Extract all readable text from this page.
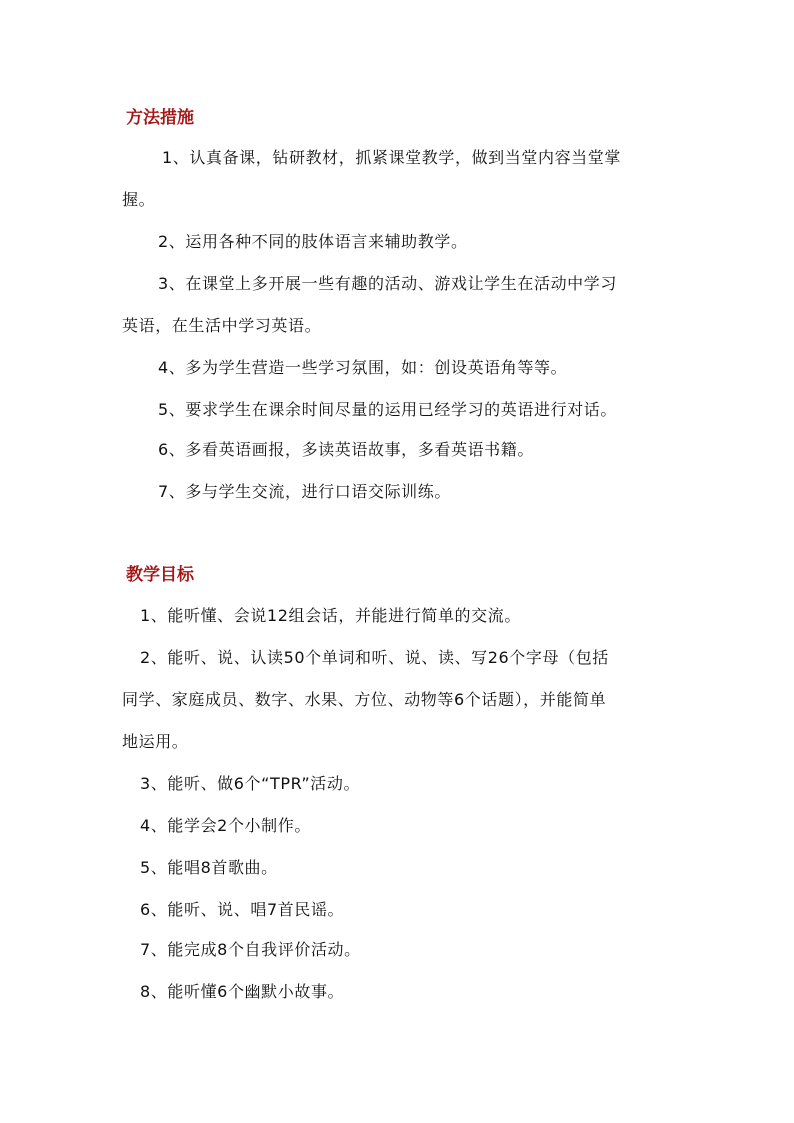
方法措施

1、认真备课，钻研教材，抓紧课堂教学，做到当堂内容当堂掌

握。

2、运用各种不同的肢体语言来辅助教学。

3、在课堂上多开展一些有趣的活动、游戏让学生在活动中学习

英语，在生活中学习英语。

4、多为学生营造一些学习氛围，如：创设英语角等等。

5、要求学生在课余时间尽量的运用已经学习的英语进行对话。

6、多看英语画报，多读英语故事，多看英语书籍。

7、多与学生交流，进行口语交际训练。

教学目标

1、能听懂、会说12组会话，并能进行简单的交流。

2、能听、说、认读50个单词和听、说、读、写26个字母（包括

同学、家庭成员、数字、水果、方位、动物等6个话题），并能简单

地运用。

3、能听、做6个“TPR”活动。

4、能学会2个小制作。

5、能唱8首歌曲。

6、能听、说、唱7首民谣。

7、能完成8个自我评价活动。

8、能听懂6个幽默小故事。
